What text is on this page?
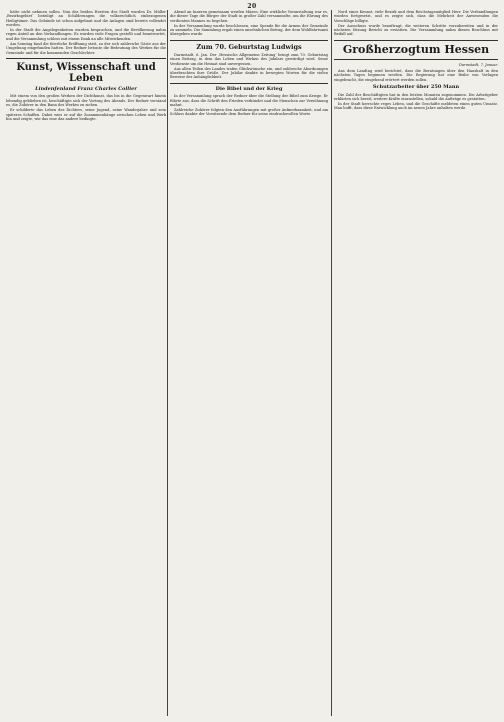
20

hätte nicht nehmen sollen. Nun des beiden Herzten des Stadt wurden Dr. Müller ‚Bezirksgebiet‘ beteiligt an Schilderungen die volksrechtlich einbezogenen Heiligtümer. Das Gebäude ist schon aufgebaut und die Anlagen sind bereits vollendet worden.

In der Stadt die Angelegenheiten wurden besprochen, und die Bevölkerung nahm regen Anteil an den Verhandlungen. Es wurden viele Fragen gestellt und beantwortet, und die Versammlung schloss mit einem Dank an alle Mitwirkenden.

Am Sonntag fand die feierliche Eröffnung statt, zu der sich zahlreiche Gäste aus der Umgebung eingefunden hatten. Der Redner betonte die Bedeutung des Werkes für die Gemeinde und für die kommenden Geschlechter.

Kunst, Wissenschaft und Leben
Lindenfenland Franz Charles Collier

Mit einem von den großen Werken der Dichtkunst, das bis in die Gegenwart hinein lebendig geblieben ist, beschäftigte sich der Vortrag des Abends. Der Redner verstand es, die Zuhörer in den Bann des Werkes zu ziehen.

Er schilderte das Leben des Dichters, seine Jugend, seine Wanderjahre und sein späteres Schaffen. Dabei wies er auf die Zusammenhänge zwischen Leben und Werk hin und zeigte, wie das eine das andere bedingte.

Abend an Inneren gemeinsam werden Mäzen. Eine wirkliche Veranstaltung war es, die dieser Tage die Bürger der Stadt in großer Zahl versammelte, um die Ehrung des verdienten Mannes zu begehen.

In der Versammlung wurde beschlossen, eine Spende für die Armen der Gemeinde zu sammeln. Die Sammlung ergab einen ansehnlichen Betrag, der dem Wohlfahrtsamt übergeben wurde.

Zum 70. Geburtstag Ludwigs

Darmstadt, 6. Jan. Der ‚Hessische Allgemeine Zeitung‘ bringt zum 70. Geburtstag einen Beitrag, in dem das Leben und Wirken des Jubilars gewürdigt wird. Seine Verdienste um die Heimat sind unvergessen.

Aus allen Teilen des Landes trafen Glückwünsche ein, und zahlreiche Abordnungen überbrachten ihre Grüße. Der Jubilar dankte in bewegten Worten für die vielen Beweise der Anhänglichkeit.

Die Bibel und der Krieg

In der Versammlung sprach der Redner über die Stellung der Bibel zum Kriege. Er führte aus, dass die Schrift den Frieden verkündet und die Menschen zur Versöhnung mahnt.

Zahlreiche Zuhörer folgten den Ausführungen mit großer Aufmerksamkeit, und am Schluss dankte der Vorsitzende dem Redner für seine eindrucksvollen Worte.

Nord eines Kennst, viele Bezirk und dem Reichstagsmitglied Herr. Die Verhandlungen wurden fortgesetzt, und es zeigte sich, dass die Mehrheit der Anwesenden die Vorschläge billigte.

Der Ausschuss wurde beauftragt, die weiteren Schritte vorzubereiten und in der nächsten Sitzung Bericht zu erstatten. Die Versammlung nahm diesen Beschluss mit Beifall auf.

Großherzogtum Hessen
Darmstadt, 7. Januar.

Aus dem Landtag wird berichtet, dass die Beratungen über den Haushalt in den nächsten Tagen beginnen werden. Die Regierung hat eine Reihe von Vorlagen eingebracht, die eingehend erörtert werden sollen.

Schutzarbeiter über 250 Mann

Die Zahl der Beschäftigten hat in den letzten Monaten zugenommen. Die Arbeitgeber erklärten sich bereit, weitere Kräfte einzustellen, sobald die Aufträge es gestatten.

In der Stadt herrschte reges Leben, und die Geschäfte meldeten einen guten Umsatz. Man hofft, dass diese Entwicklung auch im neuen Jahre anhalten werde.
